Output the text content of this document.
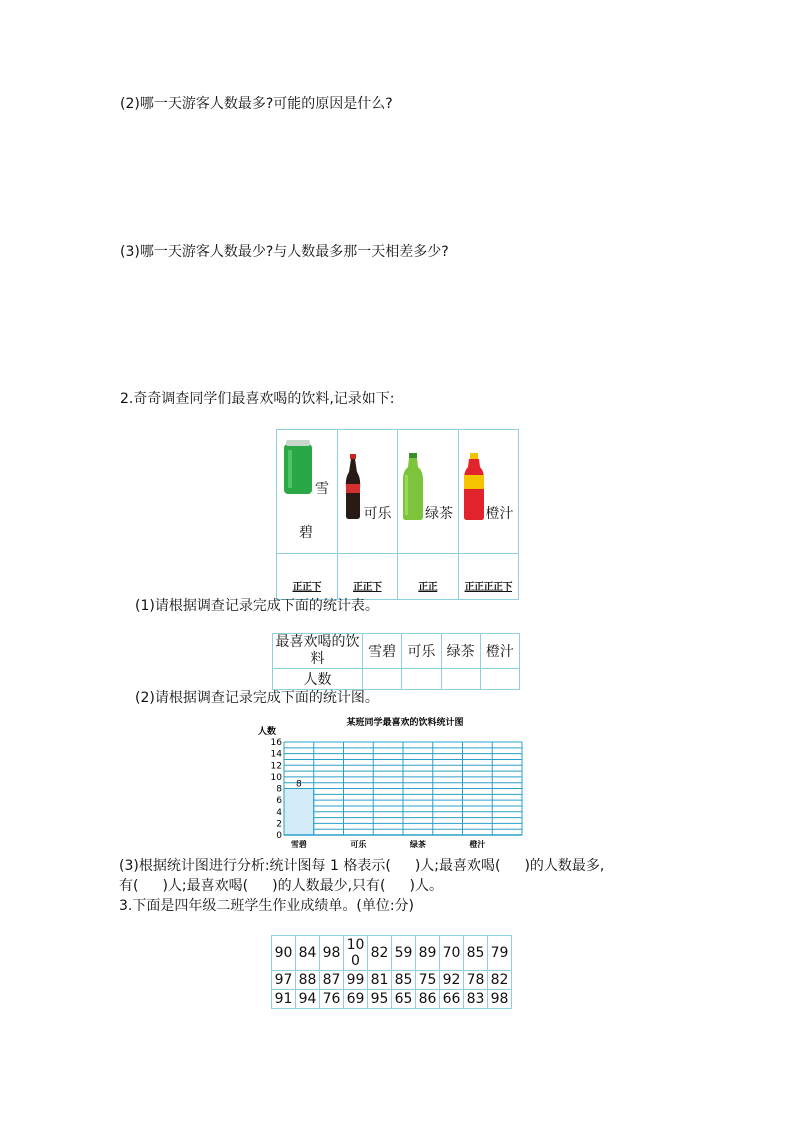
(2)哪一天游客人数最多?可能的原因是什么?
(3)哪一天游客人数最少?与人数最多那一天相差多少?
2.奇奇调查同学们最喜欢喝的饮料,记录如下:
雪
碧	可乐	绿茶	橙汁

正正下	正正下	正正	正正正正下
(1)请根据调查记录完成下面的统计表。
最喜欢喝的饮料	雪碧	可乐	绿茶	橙汁
人数				
(2)请根据调查记录完成下面的统计图。
某班同学最喜欢的饮料统计图
人数
0
2
4
6
8
10
12
14
16
8
雪碧	可乐	绿茶	橙汁
(3)根据统计图进行分析:统计图每 1 格表示( )人;最喜欢喝( )的人数最多,
有( )人;最喜欢喝( )的人数最少,只有( )人。
3.下面是四年级二班学生作业成绩单。(单位:分)
90	84	98	100	82	59	89	70	85	79
97	88	87	99	81	85	75	92	78	82
91	94	76	69	95	65	86	66	83	98
